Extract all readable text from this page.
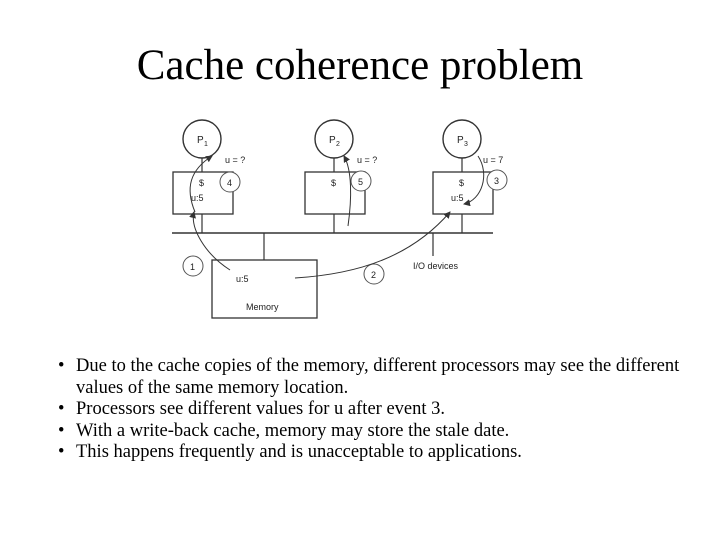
Cache coherence problem
P 1
$
u:5
u = ?
4
P 2
$
u = ?
5
P 3
$
u:5
u = 7
3
u:5
Memory
I/O devices
1
2
• Due to the cache copies of the memory, different processors may see the different values of the same memory location.
• Processors see different values for u after event 3.
• With a write-back cache, memory may store the stale date.
• This happens frequently and is unacceptable to applications.
